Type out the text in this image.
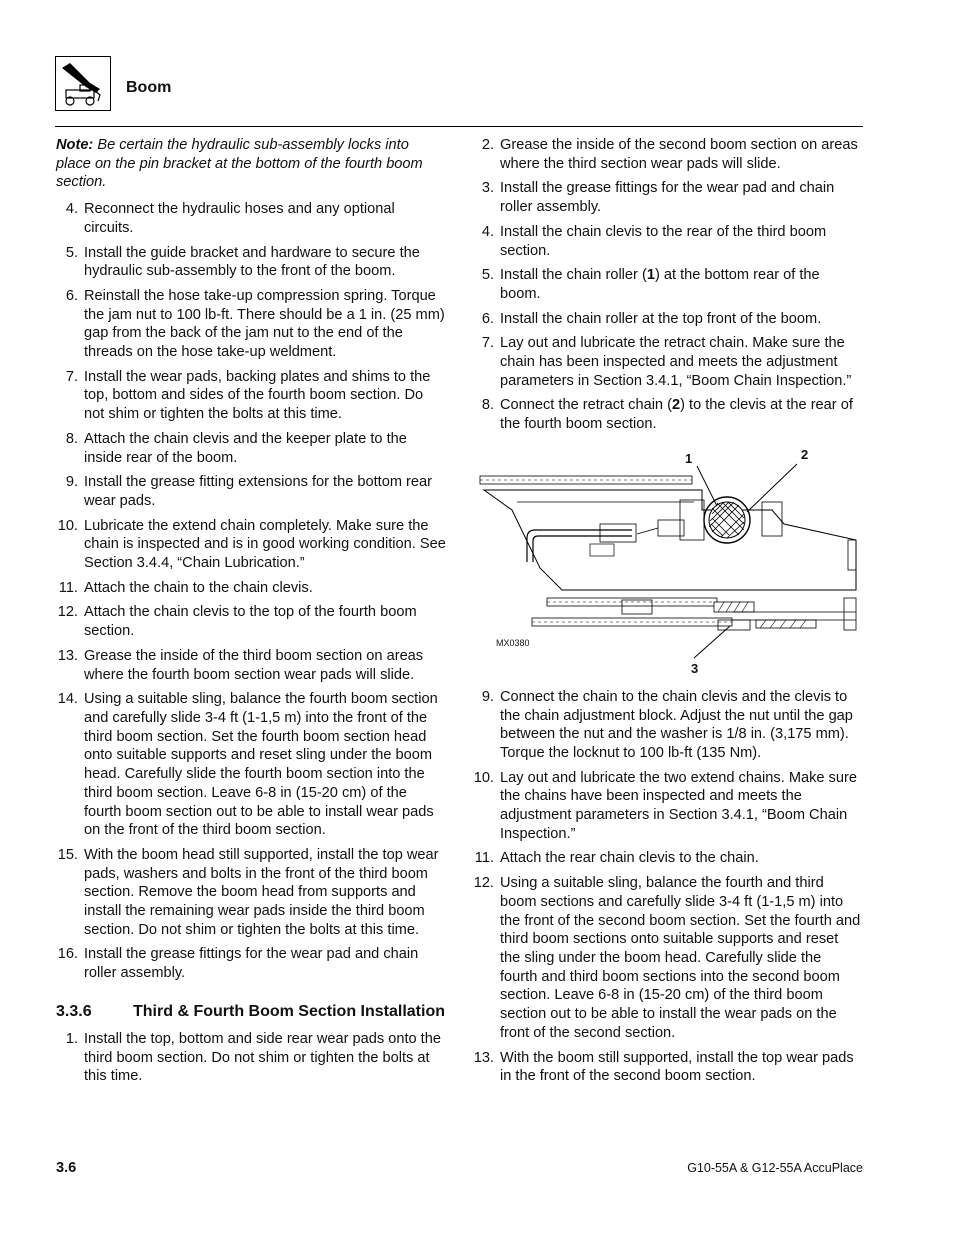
Boom
Note: Be certain the hydraulic sub-assembly locks into place on the pin bracket at the bottom of the fourth boom section.
4. Reconnect the hydraulic hoses and any optional circuits.
5. Install the guide bracket and hardware to secure the hydraulic sub-assembly to the front of the boom.
6. Reinstall the hose take-up compression spring. Torque the jam nut to 100 lb-ft. There should be a 1 in. (25 mm) gap from the back of the jam nut to the end of the threads on the hose take-up weldment.
7. Install the wear pads, backing plates and shims to the top, bottom and sides of the fourth boom section. Do not shim or tighten the bolts at this time.
8. Attach the chain clevis and the keeper plate to the inside rear of the boom.
9. Install the grease fitting extensions for the bottom rear wear pads.
10. Lubricate the extend chain completely. Make sure the chain is inspected and is in good working condition. See Section 3.4.4, “Chain Lubrication.”
11. Attach the chain to the chain clevis.
12. Attach the chain clevis to the top of the fourth boom section.
13. Grease the inside of the third boom section on areas where the fourth boom section wear pads will slide.
14. Using a suitable sling, balance the fourth boom section and carefully slide 3-4 ft (1-1,5 m) into the front of the third boom section. Set the fourth boom section head onto suitable supports and reset sling under the boom head. Carefully slide the fourth boom section into the third boom section. Leave 6-8 in (15-20 cm) of the fourth boom section out to be able to install wear pads on the front of the third boom section.
15. With the boom head still supported, install the top wear pads, washers and bolts in the front of the third boom section. Remove the boom head from supports and install the remaining wear pads inside the third boom section. Do not shim or tighten the bolts at this time.
16. Install the grease fittings for the wear pad and chain roller assembly.
3.3.6	Third & Fourth Boom Section Installation
1. Install the top, bottom and side rear wear pads onto the third boom section. Do not shim or tighten the bolts at this time.
2. Grease the inside of the second boom section on areas where the third section wear pads will slide.
3. Install the grease fittings for the wear pad and chain roller assembly.
4. Install the chain clevis to the rear of the third boom section.
5. Install the chain roller (1) at the bottom rear of the boom.
6. Install the chain roller at the top front of the boom.
7. Lay out and lubricate the retract chain. Make sure the chain has been inspected and meets the adjustment parameters in Section 3.4.1, “Boom Chain Inspection.”
8. Connect the retract chain (2) to the clevis at the rear of the fourth boom section.
1	2
3
MX0380
9. Connect the chain to the chain clevis and the clevis to the chain adjustment block. Adjust the nut until the gap between the nut and the washer is 1/8 in. (3,175 mm). Torque the locknut to 100 lb-ft (135 Nm).
10. Lay out and lubricate the two extend chains. Make sure the chains have been inspected and meets the adjustment parameters in Section 3.4.1, “Boom Chain Inspection.”
11. Attach the rear chain clevis to the chain.
12. Using a suitable sling, balance the fourth and third boom sections and carefully slide 3-4 ft (1-1,5 m) into the front of the second boom section. Set the fourth and third boom sections onto suitable supports and reset the sling under the boom head. Carefully slide the fourth and third boom sections into the second boom section. Leave 6-8 in (15-20 cm) of the third boom section out to be able to install the wear pads on the front of the second section.
13. With the boom still supported, install the top wear pads in the front of the second boom section.
3.6	G10-55A & G12-55A AccuPlace
